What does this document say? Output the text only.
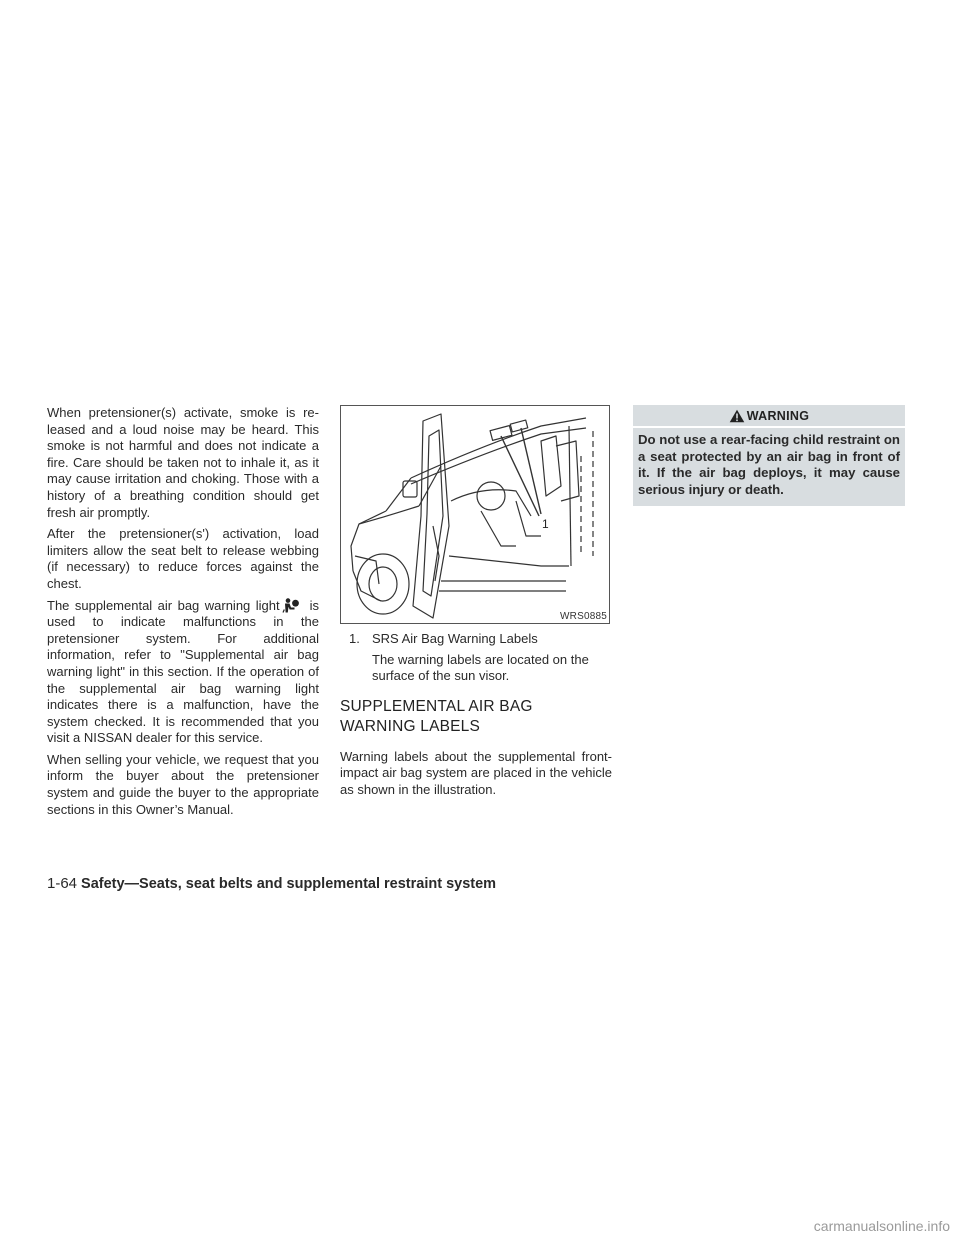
When pretensioner(s) activate, smoke is released and a loud noise may be heard. This smoke is not harmful and does not indicate a fire. Care should be taken not to inhale it, as it may cause irritation and choking. Those with a history of a breathing condition should get fresh air promptly.

After the pretensioner(s') activation, load limiters allow the seat belt to release webbing (if necessary) to reduce forces against the chest.

The supplemental air bag warning light is used to indicate malfunctions in the pretensioner system. For additional information, refer to "Supplemental air bag warning light" in this section. If the operation of the supplemental air bag warning light indicates there is a malfunction, have the system checked. It is recommended that you visit a NISSAN dealer for this service.

When selling your vehicle, we request that you inform the buyer about the pretensioner system and guide the buyer to the appropriate sections in this Owner’s Manual.

1
WRS0885
1. SRS Air Bag Warning Labels

The warning labels are located on the surface of the sun visor.

SUPPLEMENTAL AIR BAG WARNING LABELS

Warning labels about the supplemental front-impact air bag system are placed in the vehicle as shown in the illustration.

WARNING

Do not use a rear-facing child restraint on a seat protected by an air bag in front of it. If the air bag deploys, it may cause serious injury or death.

1-64 Safety—Seats, seat belts and supplemental restraint system
carmanualsonline.info
